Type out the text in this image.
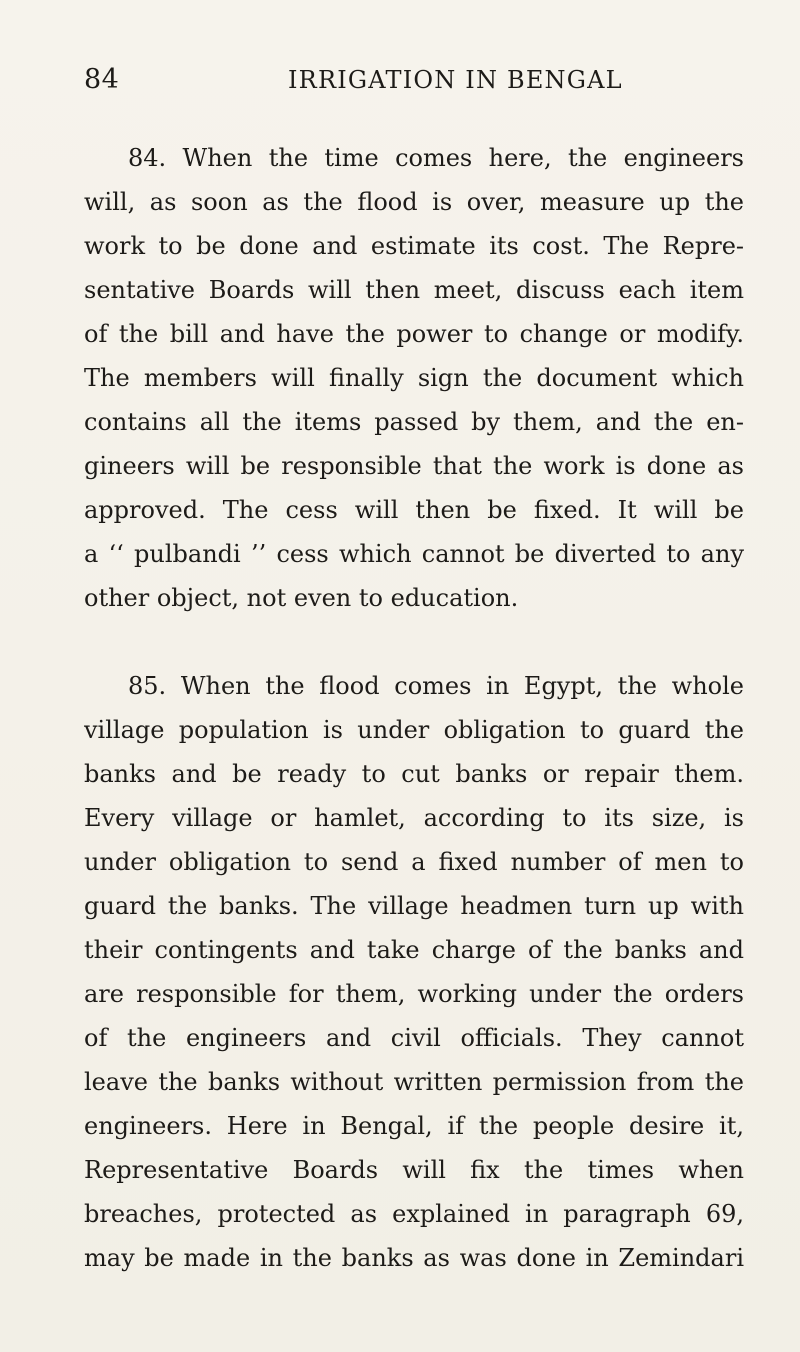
84	IRRIGATION IN BENGAL
84. When the time comes here, the engineers
will, as soon as the flood is over, measure up the
work to be done and estimate its cost. The Repre-
sentative Boards will then meet, discuss each item
of the bill and have the power to change or modify.
The members will finally sign the document which
contains all the items passed by them, and the en-
gineers will be responsible that the work is done as
approved. The cess will then be fixed. It will be
a ‘‘ pulbandi ’’ cess which cannot be diverted to any
other object, not even to education.
85. When the flood comes in Egypt, the whole
village population is under obligation to guard the
banks and be ready to cut banks or repair them.
Every village or hamlet, according to its size, is
under obligation to send a fixed number of men to
guard the banks. The village headmen turn up with
their contingents and take charge of the banks and
are responsible for them, working under the orders
of the engineers and civil officials. They cannot
leave the banks without written permission from the
engineers. Here in Bengal, if the people desire it,
Representative Boards will fix the times when
breaches, protected as explained in paragraph 69,
may be made in the banks as was done in Zemindari
